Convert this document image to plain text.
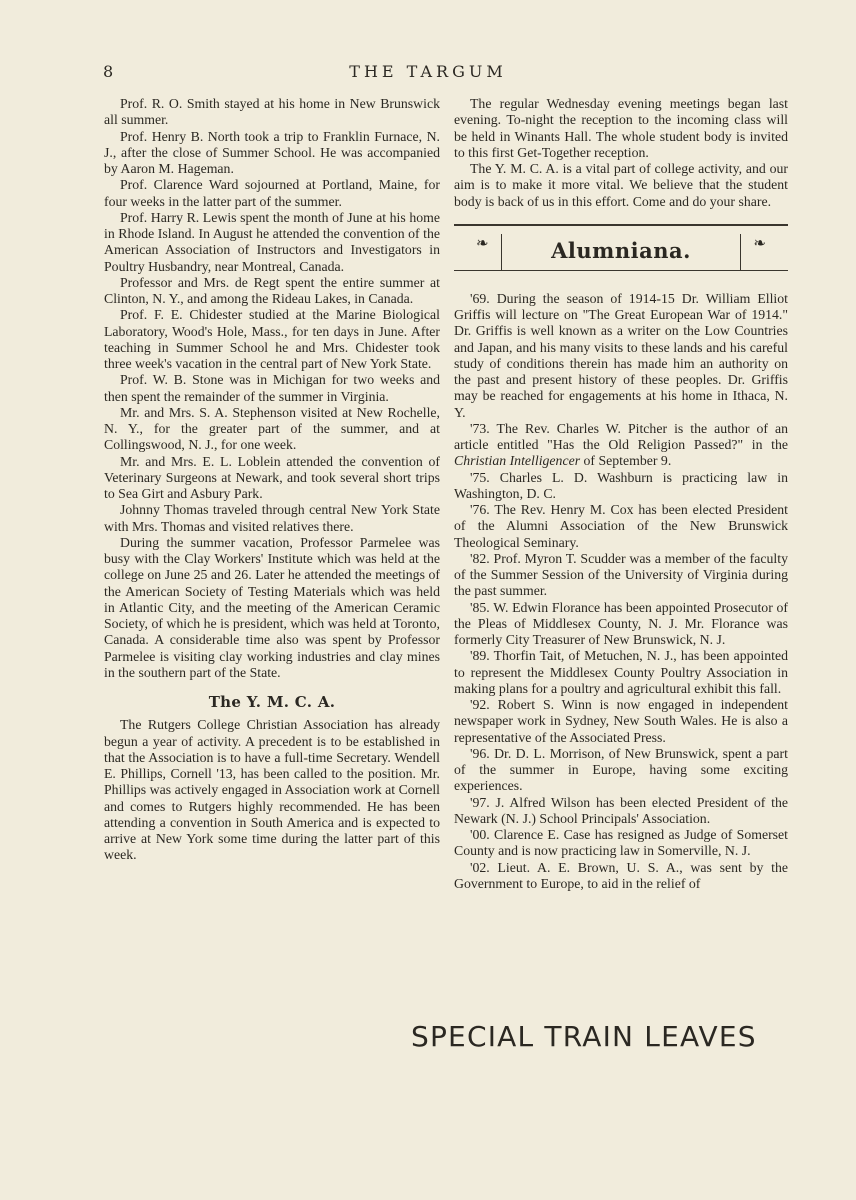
8	THE TARGUM

Prof. R. O. Smith stayed at his home in New Brunswick all summer.

Prof. Henry B. North took a trip to Franklin Furnace, N. J., after the close of Summer School. He was accompanied by Aaron M. Hageman.

Prof. Clarence Ward sojourned at Portland, Maine, for four weeks in the latter part of the summer.

Prof. Harry R. Lewis spent the month of June at his home in Rhode Island. In August he attended the convention of the American Association of Instructors and Investigators in Poultry Husbandry, near Montreal, Canada.

Professor and Mrs. de Regt spent the entire summer at Clinton, N. Y., and among the Rideau Lakes, in Canada.

Prof. F. E. Chidester studied at the Marine Biological Laboratory, Wood's Hole, Mass., for ten days in June. After teaching in Summer School he and Mrs. Chidester took three week's vacation in the central part of New York State.

Prof. W. B. Stone was in Michigan for two weeks and then spent the remainder of the summer in Virginia.

Mr. and Mrs. S. A. Stephenson visited at New Rochelle, N. Y., for the greater part of the summer, and at Collingswood, N. J., for one week.

Mr. and Mrs. E. L. Loblein attended the convention of Veterinary Surgeons at Newark, and took several short trips to Sea Girt and Asbury Park.

Johnny Thomas traveled through central New York State with Mrs. Thomas and visited relatives there.

During the summer vacation, Professor Parmelee was busy with the Clay Workers' Institute which was held at the college on June 25 and 26. Later he attended the meetings of the American Society of Testing Materials which was held in Atlantic City, and the meeting of the American Ceramic Society, of which he is president, which was held at Toronto, Canada. A considerable time also was spent by Professor Parmelee is visiting clay working industries and clay mines in the southern part of the State.

The Y. M. C. A.

The Rutgers College Christian Association has already begun a year of activity. A precedent is to be established in that the Association is to have a full-time Secretary. Wendell E. Phillips, Cornell '13, has been called to the position. Mr. Phillips was actively engaged in Association work at Cornell and comes to Rutgers highly recommended. He has been attending a convention in South America and is expected to arrive at New York some time during the latter part of this week.

The regular Wednesday evening meetings began last evening. To-night the reception to the incoming class will be held in Winants Hall. The whole student body is invited to this first Get-Together reception.

The Y. M. C. A. is a vital part of college activity, and our aim is to make it more vital. We believe that the student body is back of us in this effort. Come and do your share.

❧	Alumniana.	❧

'69. During the season of 1914-15 Dr. William Elliot Griffis will lecture on "The Great European War of 1914." Dr. Griffis is well known as a writer on the Low Countries and Japan, and his many visits to these lands and his careful study of conditions therein has made him an authority on the past and present history of these peoples. Dr. Griffis may be reached for engagements at his home in Ithaca, N. Y.

'73. The Rev. Charles W. Pitcher is the author of an article entitled "Has the Old Religion Passed?" in the Christian Intelligencer of September 9.

'75. Charles L. D. Washburn is practicing law in Washington, D. C.

'76. The Rev. Henry M. Cox has been elected President of the Alumni Association of the New Brunswick Theological Seminary.

'82. Prof. Myron T. Scudder was a member of the faculty of the Summer Session of the University of Virginia during the past summer.

'85. W. Edwin Florance has been appointed Prosecutor of the Pleas of Middlesex County, N. J. Mr. Florance was formerly City Treasurer of New Brunswick, N. J.

'89. Thorfin Tait, of Metuchen, N. J., has been appointed to represent the Middlesex County Poultry Association in making plans for a poultry and agricultural exhibit this fall.

'92. Robert S. Winn is now engaged in independent newspaper work in Sydney, New South Wales. He is also a representative of the Associated Press.

'96. Dr. D. L. Morrison, of New Brunswick, spent a part of the summer in Europe, having some exciting experiences.

'97. J. Alfred Wilson has been elected President of the Newark (N. J.) School Principals' Association.

'00. Clarence E. Case has resigned as Judge of Somerset County and is now practicing law in Somerville, N. J.

'02. Lieut. A. E. Brown, U. S. A., was sent by the Government to Europe, to aid in the relief of

SPECIAL TRAIN LEAVES
